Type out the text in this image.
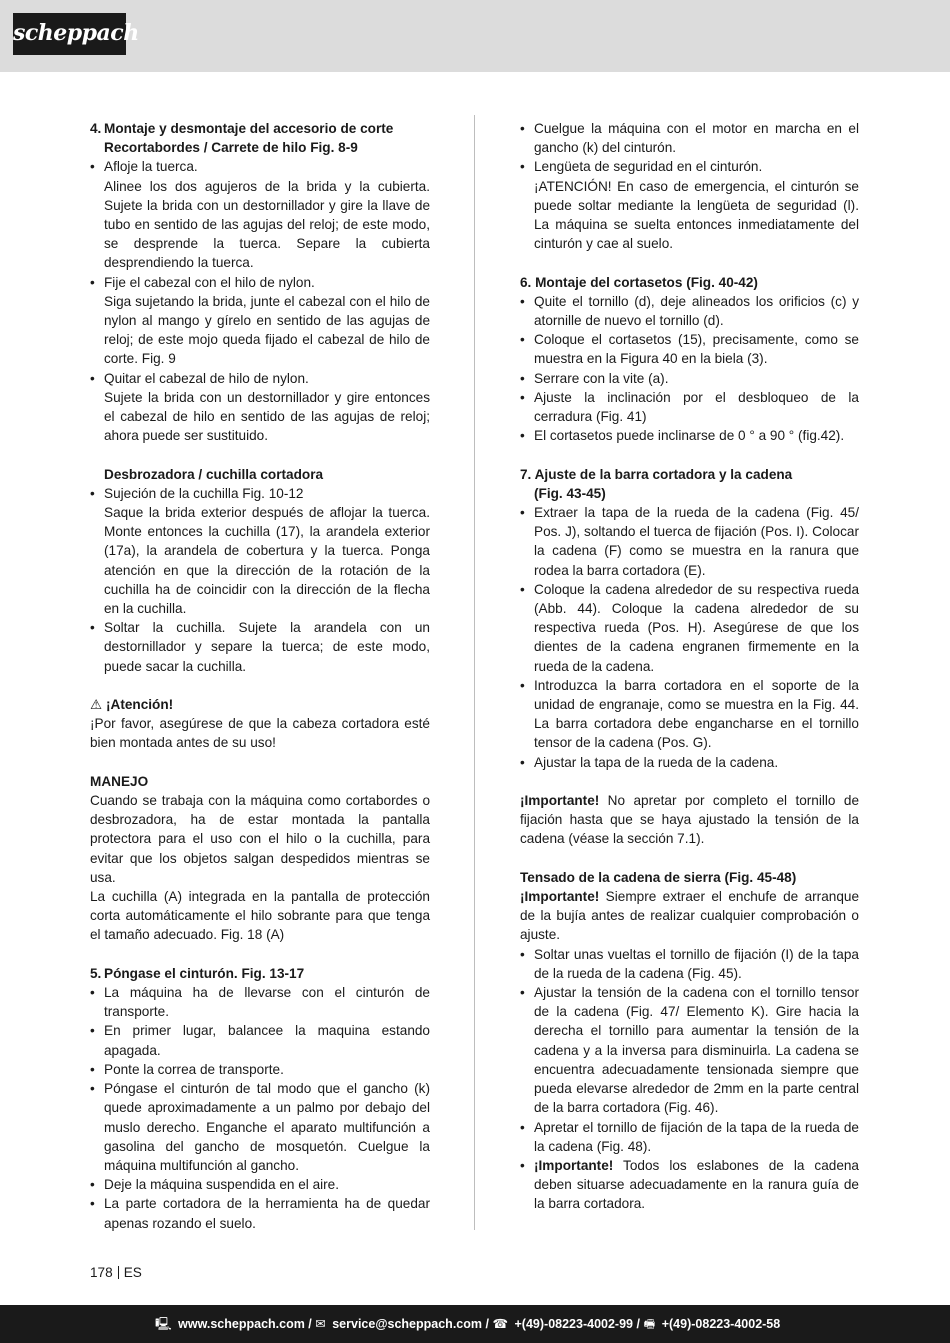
scheppach
4. Montaje y desmontaje del accesorio de corte
Recortabordes / Carrete de hilo Fig. 8-9
• Afloje la tuerca.
Alinee los dos agujeros de la brida y la cubierta. Sujete la brida con un destornillador y gire la llave de tubo en sentido de las agujas del reloj; de este modo, se desprende la tuerca. Separe la cubierta desprendiendo la tuerca.
• Fije el cabezal con el hilo de nylon.
Siga sujetando la brida, junte el cabezal con el hilo de nylon al mango y gírelo en sentido de las agujas de reloj; de este mojo queda fijado el cabezal de hilo de corte. Fig. 9
• Quitar el cabezal de hilo de nylon.
Sujete la brida con un destornillador y gire entonces el cabezal de hilo en sentido de las agujas de reloj; ahora puede ser sustituido.
Desbrozadora / cuchilla cortadora
• Sujeción de la cuchilla Fig. 10-12
Saque la brida exterior después de aflojar la tuerca. Monte entonces la cuchilla (17), la arandela exterior (17a), la arandela de cobertura y la tuerca. Ponga atención en que la dirección de la rotación de la cuchilla ha de coincidir con la dirección de la flecha en la cuchilla.
• Soltar la cuchilla. Sujete la arandela con un destornillador y separe la tuerca; de este modo, puede sacar la cuchilla.
⚠ ¡Atención!
¡Por favor, asegúrese de que la cabeza cortadora esté bien montada antes de su uso!
MANEJO
Cuando se trabaja con la máquina como cortabordes o desbrozadora, ha de estar montada la pantalla protectora para el uso con el hilo o la cuchilla, para evitar que los objetos salgan despedidos mientras se usa.
La cuchilla (A) integrada en la pantalla de protección corta automáticamente el hilo sobrante para que tenga el tamaño adecuado. Fig. 18 (A)
5. Póngase el cinturón. Fig. 13-17
• La máquina ha de llevarse con el cinturón de transporte.
• En primer lugar, balancee la maquina estando apagada.
• Ponte la correa de transporte.
• Póngase el cinturón de tal modo que el gancho (k) quede aproximadamente a un palmo por debajo del muslo derecho. Enganche el aparato multifunción a gasolina del gancho de mosquetón. Cuelgue la máquina multifunción al gancho.
• Deje la máquina suspendida en el aire.
• La parte cortadora de la herramienta ha de quedar apenas rozando el suelo.
• Cuelgue la máquina con el motor en marcha en el gancho (k) del cinturón.
• Lengüeta de seguridad en el cinturón.
¡ATENCIÓN! En caso de emergencia, el cinturón se puede soltar mediante la lengüeta de seguridad (l). La máquina se suelta entonces inmediatamente del cinturón y cae al suelo.
6. Montaje del cortasetos (Fig. 40-42)
• Quite el tornillo (d), deje alineados los orificios (c) y atornille de nuevo el tornillo (d).
• Coloque el cortasetos (15), precisamente, como se muestra en la Figura 40 en la biela (3).
• Serrare con la vite (a).
• Ajuste la inclinación por el desbloqueo de la cerradura (Fig. 41)
• El cortasetos puede inclinarse de 0 ° a 90 ° (fig.42).
7. Ajuste de la barra cortadora y la cadena
(Fig. 43-45)
• Extraer la tapa de la rueda de la cadena (Fig. 45/ Pos. J), soltando el tuerca de fijación (Pos. I). Colocar la cadena (F) como se muestra en la ranura que rodea la barra cortadora (E).
• Coloque la cadena alrededor de su respectiva rueda (Abb. 44). Coloque la cadena alrededor de su respectiva rueda (Pos. H). Asegúrese de que los dientes de la cadena engranen firmemente en la rueda de la cadena.
• Introduzca la barra cortadora en el soporte de la unidad de engranaje, como se muestra en la Fig. 44. La barra cortadora debe engancharse en el tornillo tensor de la cadena (Pos. G).
• Ajustar la tapa de la rueda de la cadena.
¡Importante! No apretar por completo el tornillo de fijación hasta que se haya ajustado la tensión de la cadena (véase la sección 7.1).
Tensado de la cadena de sierra (Fig. 45-48)
¡Importante! Siempre extraer el enchufe de arranque de la bujía antes de realizar cualquier comprobación o ajuste.
• Soltar unas vueltas el tornillo de fijación (I) de la tapa de la rueda de la cadena (Fig. 45).
• Ajustar la tensión de la cadena con el tornillo tensor de la cadena (Fig. 47/ Elemento K). Gire hacia la derecha el tornillo para aumentar la tensión de la cadena y a la inversa para disminuirla. La cadena se encuentra adecuadamente tensionada siempre que pueda elevarse alrededor de 2mm en la parte central de la barra cortadora (Fig. 46).
• Apretar el tornillo de fijación de la tapa de la rueda de la cadena (Fig. 48).
• ¡Importante! Todos los eslabones de la cadena deben situarse adecuadamente en la ranura guía de la barra cortadora.
178 ES
🖳 www.scheppach.com / ✉ service@scheppach.com / ☎ +(49)-08223-4002-99 / 🖷 +(49)-08223-4002-58
